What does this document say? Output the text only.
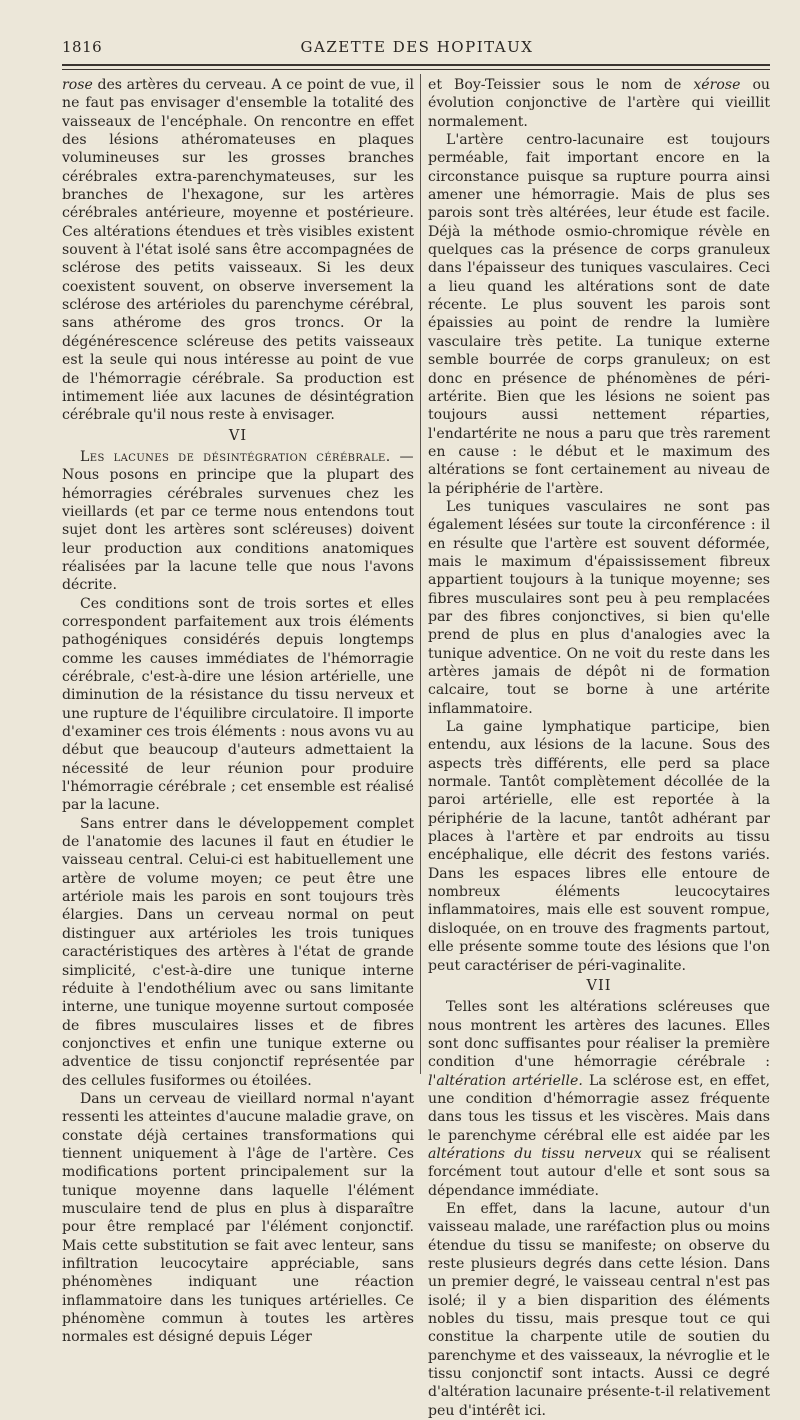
1816	GAZETTE DES HOPITAUX

rose des artères du cerveau. A ce point de vue, il ne faut pas envisager d'ensemble la totalité des vaisseaux de l'encéphale. On rencontre en effet des lésions athéromateuses en plaques volumineuses sur les grosses branches cérébrales extra-parenchymateuses, sur les branches de l'hexagone, sur les artères cérébrales antérieure, moyenne et postérieure. Ces altérations étendues et très visibles existent souvent à l'état isolé sans être accompagnées de sclérose des petits vaisseaux. Si les deux coexistent souvent, on observe inversement la sclérose des artérioles du parenchyme cérébral, sans athérome des gros troncs. Or la dégénérescence scléreuse des petits vaisseaux est la seule qui nous intéresse au point de vue de l'hémorragie cérébrale. Sa production est intimement liée aux lacunes de désintégration cérébrale qu'il nous reste à envisager.

VI

Les lacunes de désintégration cérébrale. — Nous posons en principe que la plupart des hémorragies cérébrales survenues chez les vieillards (et par ce terme nous entendons tout sujet dont les artères sont scléreuses) doivent leur production aux conditions anatomiques réalisées par la lacune telle que nous l'avons décrite.

Ces conditions sont de trois sortes et elles correspondent parfaitement aux trois éléments pathogéniques considérés depuis longtemps comme les causes immédiates de l'hémorragie cérébrale, c'est-à-dire une lésion artérielle, une diminution de la résistance du tissu nerveux et une rupture de l'équilibre circulatoire. Il importe d'examiner ces trois éléments : nous avons vu au début que beaucoup d'auteurs admettaient la nécessité de leur réunion pour produire l'hémorragie cérébrale ; cet ensemble est réalisé par la lacune.

Sans entrer dans le développement complet de l'anatomie des lacunes il faut en étudier le vaisseau central. Celui-ci est habituellement une artère de volume moyen; ce peut être une artériole mais les parois en sont toujours très élargies. Dans un cerveau normal on peut distinguer aux artérioles les trois tuniques caractéristiques des artères à l'état de grande simplicité, c'est-à-dire une tunique interne réduite à l'endothélium avec ou sans limitante interne, une tunique moyenne surtout composée de fibres musculaires lisses et de fibres conjonctives et enfin une tunique externe ou adventice de tissu conjonctif représentée par des cellules fusiformes ou étoilées.

Dans un cerveau de vieillard normal n'ayant ressenti les atteintes d'aucune maladie grave, on constate déjà certaines transformations qui tiennent uniquement à l'âge de l'artère. Ces modifications portent principalement sur la tunique moyenne dans laquelle l'élément musculaire tend de plus en plus à disparaître pour être remplacé par l'élément conjonctif. Mais cette substitution se fait avec lenteur, sans infiltration leucocytaire appréciable, sans phénomènes indiquant une réaction inflammatoire dans les tuniques artérielles. Ce phénomène commun à toutes les artères normales est désigné depuis Léger

et Boy-Teissier sous le nom de xérose ou évolution conjonctive de l'artère qui vieillit normalement.

L'artère centro-lacunaire est toujours perméable, fait important encore en la circonstance puisque sa rupture pourra ainsi amener une hémorragie. Mais de plus ses parois sont très altérées, leur étude est facile. Déjà la méthode osmio-chromique révèle en quelques cas la présence de corps granuleux dans l'épaisseur des tuniques vasculaires. Ceci a lieu quand les altérations sont de date récente. Le plus souvent les parois sont épaissies au point de rendre la lumière vasculaire très petite. La tunique externe semble bourrée de corps granuleux; on est donc en présence de phénomènes de péri-artérite. Bien que les lésions ne soient pas toujours aussi nettement réparties, l'endartérite ne nous a paru que très rarement en cause : le début et le maximum des altérations se font certainement au niveau de la périphérie de l'artère.

Les tuniques vasculaires ne sont pas également lésées sur toute la circonférence : il en résulte que l'artère est souvent déformée, mais le maximum d'épaississement fibreux appartient toujours à la tunique moyenne; ses fibres musculaires sont peu à peu remplacées par des fibres conjonctives, si bien qu'elle prend de plus en plus d'analogies avec la tunique adventice. On ne voit du reste dans les artères jamais de dépôt ni de formation calcaire, tout se borne à une artérite inflammatoire.

La gaine lymphatique participe, bien entendu, aux lésions de la lacune. Sous des aspects très différents, elle perd sa place normale. Tantôt complètement décollée de la paroi artérielle, elle est reportée à la périphérie de la lacune, tantôt adhérant par places à l'artère et par endroits au tissu encéphalique, elle décrit des festons variés. Dans les espaces libres elle entoure de nombreux éléments leucocytaires inflammatoires, mais elle est souvent rompue, disloquée, on en trouve des fragments partout, elle présente somme toute des lésions que l'on peut caractériser de péri-vaginalite.

VII

Telles sont les altérations scléreuses que nous montrent les artères des lacunes. Elles sont donc suffisantes pour réaliser la première condition d'une hémorragie cérébrale : l'altération artérielle. La sclérose est, en effet, une condition d'hémorragie assez fréquente dans tous les tissus et les viscères. Mais dans le parenchyme cérébral elle est aidée par les altérations du tissu nerveux qui se réalisent forcément tout autour d'elle et sont sous sa dépendance immédiate.

En effet, dans la lacune, autour d'un vaisseau malade, une raréfaction plus ou moins étendue du tissu se manifeste; on observe du reste plusieurs degrés dans cette lésion. Dans un premier degré, le vaisseau central n'est pas isolé; il y a bien disparition des éléments nobles du tissu, mais presque tout ce qui constitue la charpente utile de soutien du parenchyme et des vaisseaux, la névroglie et le tissu conjonctif sont intacts. Aussi ce degré d'altération lacunaire présente-t-il relativement peu d'intérêt ici.
